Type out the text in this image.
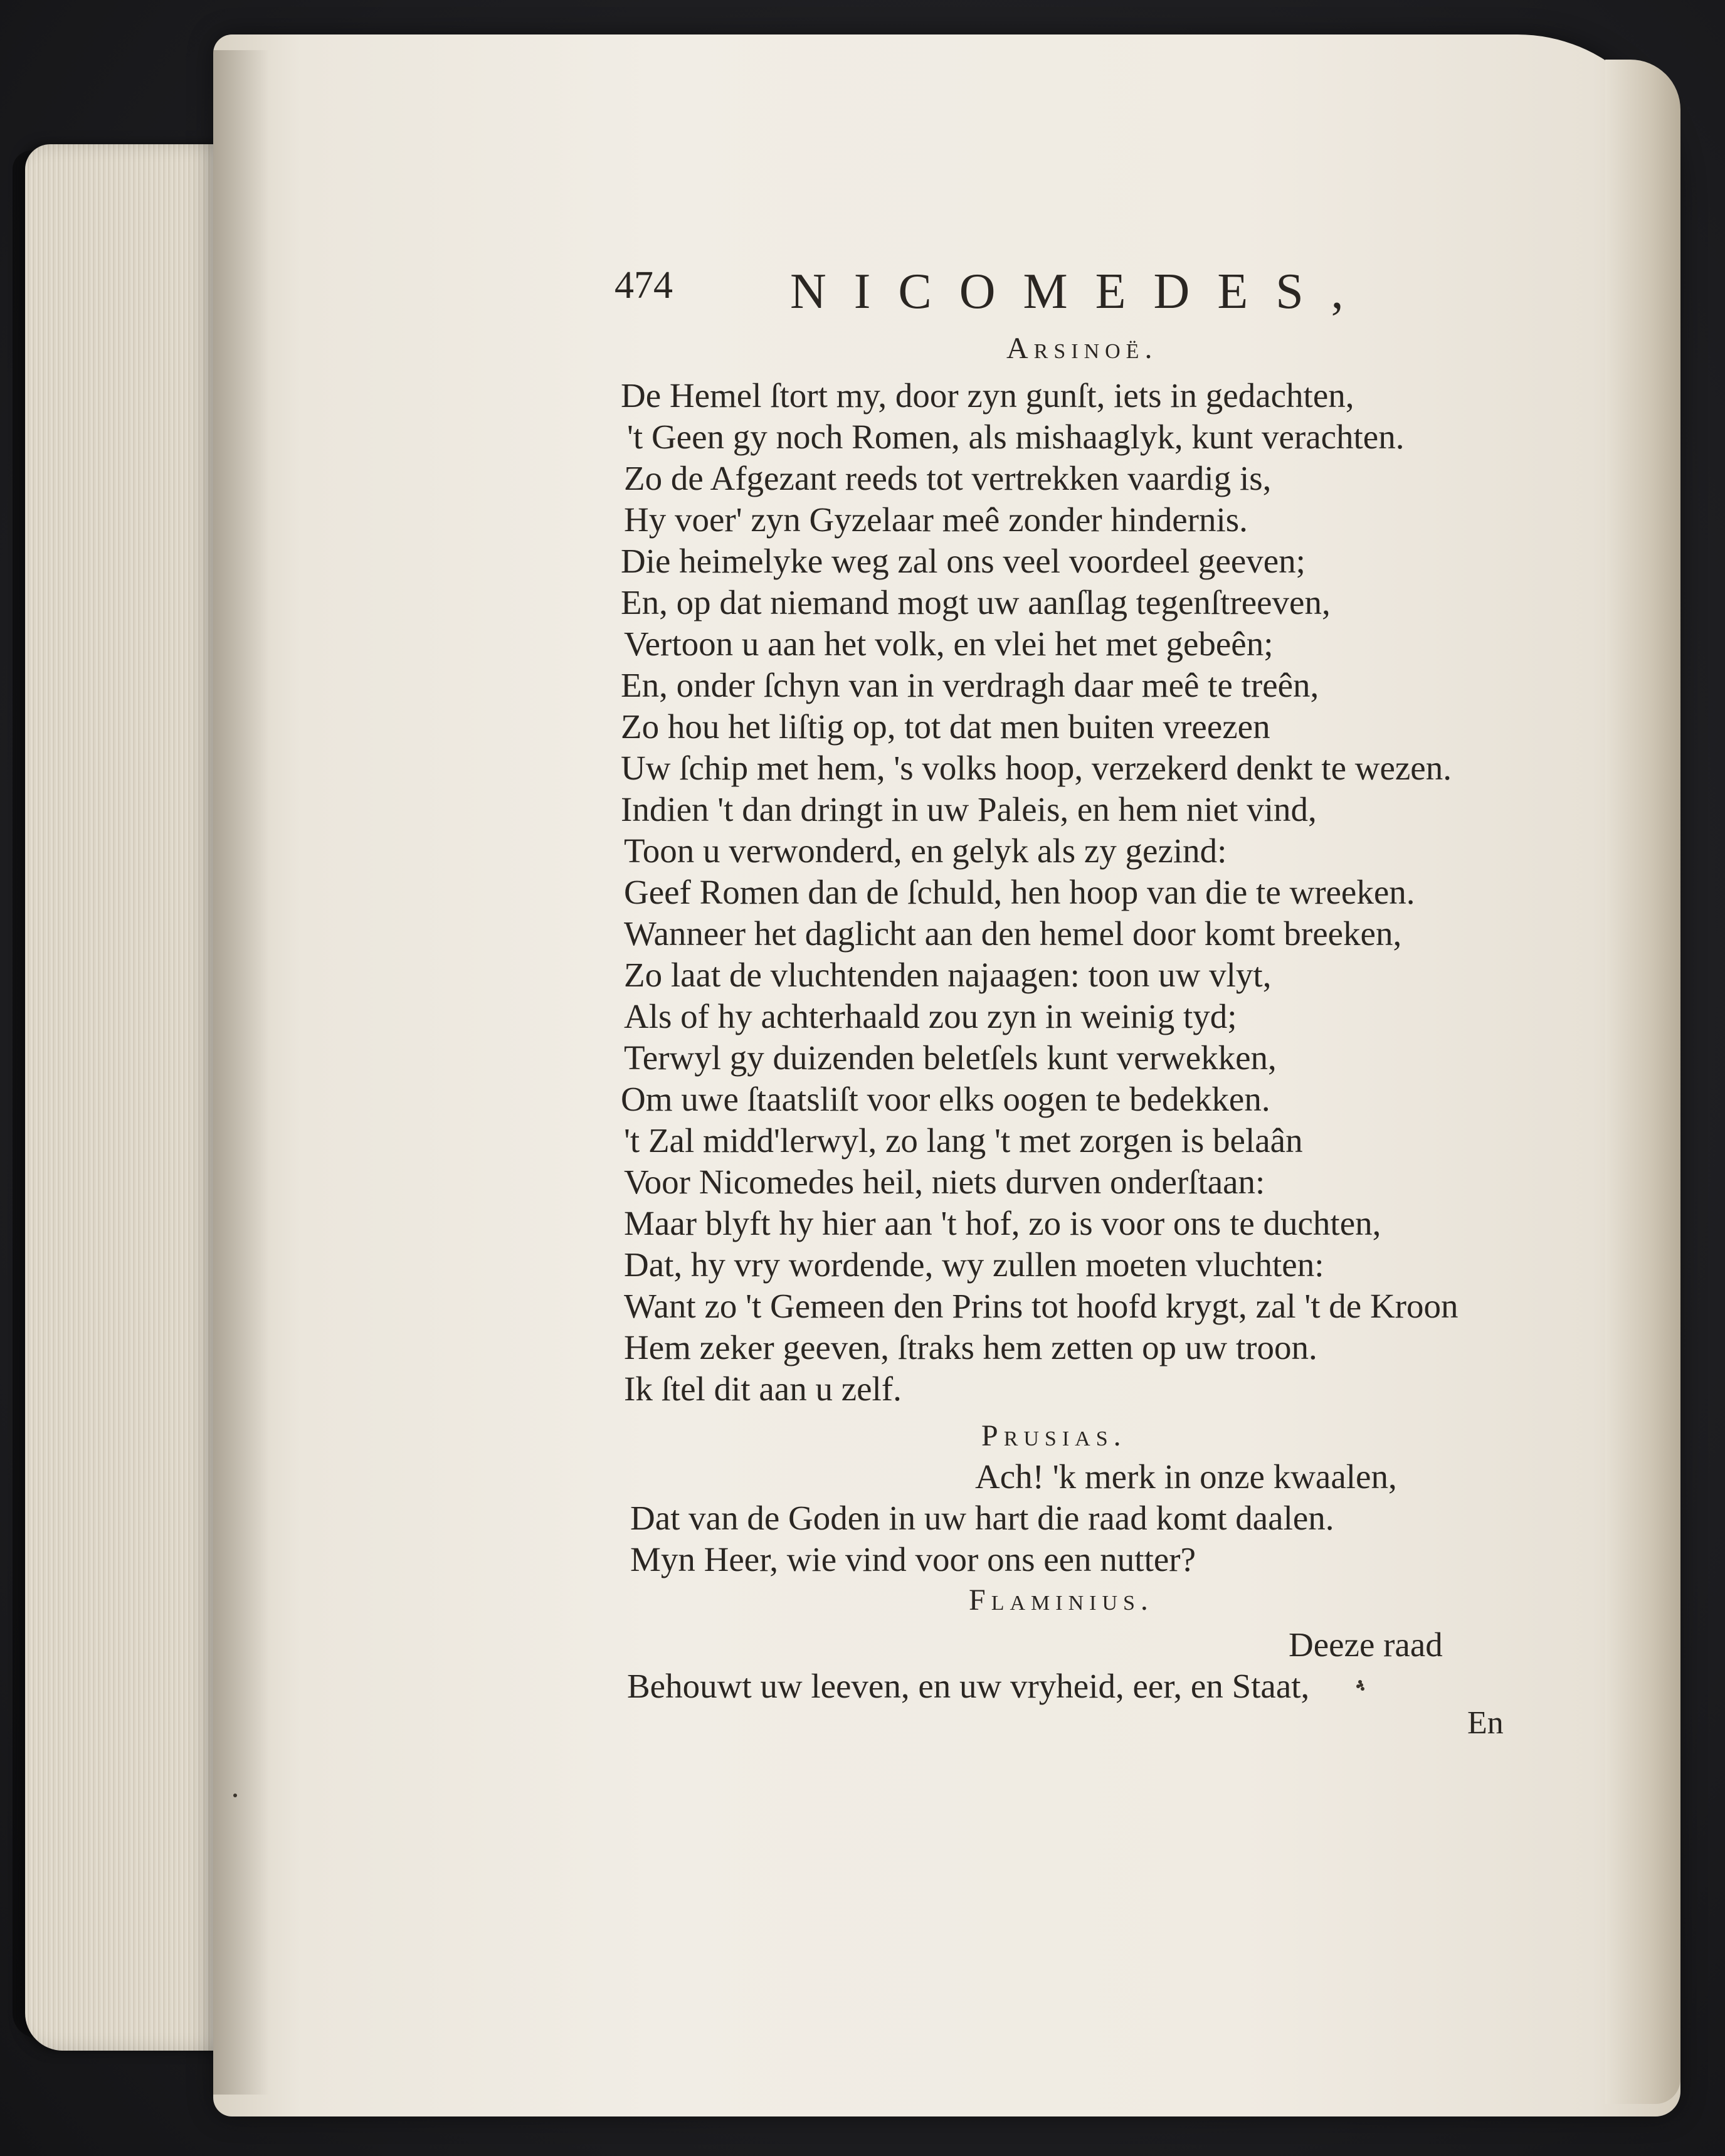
474 NICOMEDES,
Arsinoë.
De Hemel ſtort my, door zyn gunſt, iets in gedachten,
't Geen gy noch Romen, als mishaaglyk, kunt verachten.
Zo de Afgezant reeds tot vertrekken vaardig is,
Hy voer' zyn Gyzelaar meê zonder hindernis.
Die heimelyke weg zal ons veel voordeel geeven;
En, op dat niemand mogt uw aanſlag tegenſtreeven,
Vertoon u aan het volk, en vlei het met gebeên;
En, onder ſchyn van in verdragh daar meê te treên,
Zo hou het liſtig op, tot dat men buiten vreezen
Uw ſchip met hem, 's volks hoop, verzekerd denkt te wezen.
Indien 't dan dringt in uw Paleis, en hem niet vind,
Toon u verwonderd, en gelyk als zy gezind:
Geef Romen dan de ſchuld, hen hoop van die te wreeken.
Wanneer het daglicht aan den hemel door komt breeken,
Zo laat de vluchtenden najaagen: toon uw vlyt,
Als of hy achterhaald zou zyn in weinig tyd;
Terwyl gy duizenden beletſels kunt verwekken,
Om uwe ſtaatsliſt voor elks oogen te bedekken.
't Zal midd'lerwyl, zo lang 't met zorgen is belaân
Voor Nicomedes heil, niets durven onderſtaan:
Maar blyft hy hier aan 't hof, zo is voor ons te duchten,
Dat, hy vry wordende, wy zullen moeten vluchten:
Want zo 't Gemeen den Prins tot hoofd krygt, zal 't de Kroon
Hem zeker geeven, ſtraks hem zetten op uw troon.
Ik ſtel dit aan u zelf.
Prusias.
Ach! 'k merk in onze kwaalen,
Dat van de Goden in uw hart die raad komt daalen.
Myn Heer, wie vind voor ons een nutter?
Flaminius.
Deeze raad
Behouwt uw leeven, en uw vryheid, eer, en Staat,
En
